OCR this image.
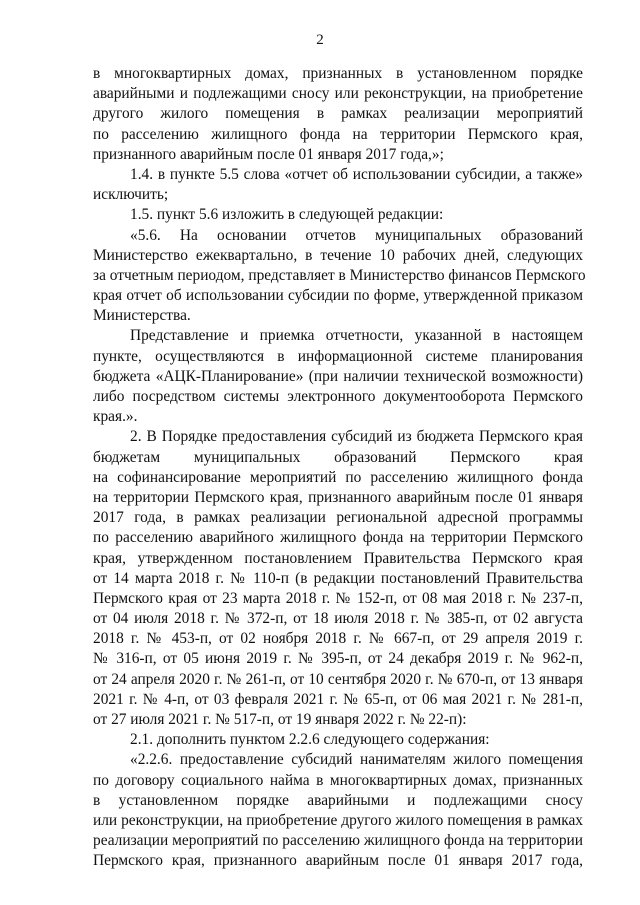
2
в многоквартирных домах, признанных в установленном порядке
аварийными и подлежащими сносу или реконструкции, на приобретение
другого жилого помещения в рамках реализации мероприятий
по расселению жилищного фонда на территории Пермского края,
признанного аварийным после 01 января 2017 года,»;
1.4. в пункте 5.5 слова «отчет об использовании субсидии, а также»
исключить;
1.5. пункт 5.6 изложить в следующей редакции:
«5.6. На основании отчетов муниципальных образований
Министерство ежеквартально, в течение 10 рабочих дней, следующих
за отчетным периодом, представляет в Министерство финансов Пермского
края отчет об использовании субсидии по форме, утвержденной приказом
Министерства.
Представление и приемка отчетности, указанной в настоящем
пункте, осуществляются в информационной системе планирования
бюджета «АЦК-Планирование» (при наличии технической возможности)
либо посредством системы электронного документооборота Пермского
края.».
2. В Порядке предоставления субсидий из бюджета Пермского края
бюджетам муниципальных образований Пермского края
на софинансирование мероприятий по расселению жилищного фонда
на территории Пермского края, признанного аварийным после 01 января
2017 года, в рамках реализации региональной адресной программы
по расселению аварийного жилищного фонда на территории Пермского
края, утвержденном постановлением Правительства Пермского края
от 14 марта 2018 г. № 110-п (в редакции постановлений Правительства
Пермского края от 23 марта 2018 г. № 152-п, от 08 мая 2018 г. № 237-п,
от 04 июля 2018 г. № 372-п, от 18 июля 2018 г. № 385-п, от 02 августа
2018 г. № 453-п, от 02 ноября 2018 г. № 667-п, от 29 апреля 2019 г.
№ 316-п, от 05 июня 2019 г. № 395-п, от 24 декабря 2019 г. № 962-п,
от 24 апреля 2020 г. № 261-п, от 10 сентября 2020 г. № 670-п, от 13 января
2021 г. № 4-п, от 03 февраля 2021 г. № 65-п, от 06 мая 2021 г. № 281-п,
от 27 июля 2021 г. № 517-п, от 19 января 2022 г. № 22-п):
2.1. дополнить пунктом 2.2.6 следующего содержания:
«2.2.6. предоставление субсидий нанимателям жилого помещения
по договору социального найма в многоквартирных домах, признанных
в установленном порядке аварийными и подлежащими сносу
или реконструкции, на приобретение другого жилого помещения в рамках
реализации мероприятий по расселению жилищного фонда на территории
Пермского края, признанного аварийным после 01 января 2017 года,
